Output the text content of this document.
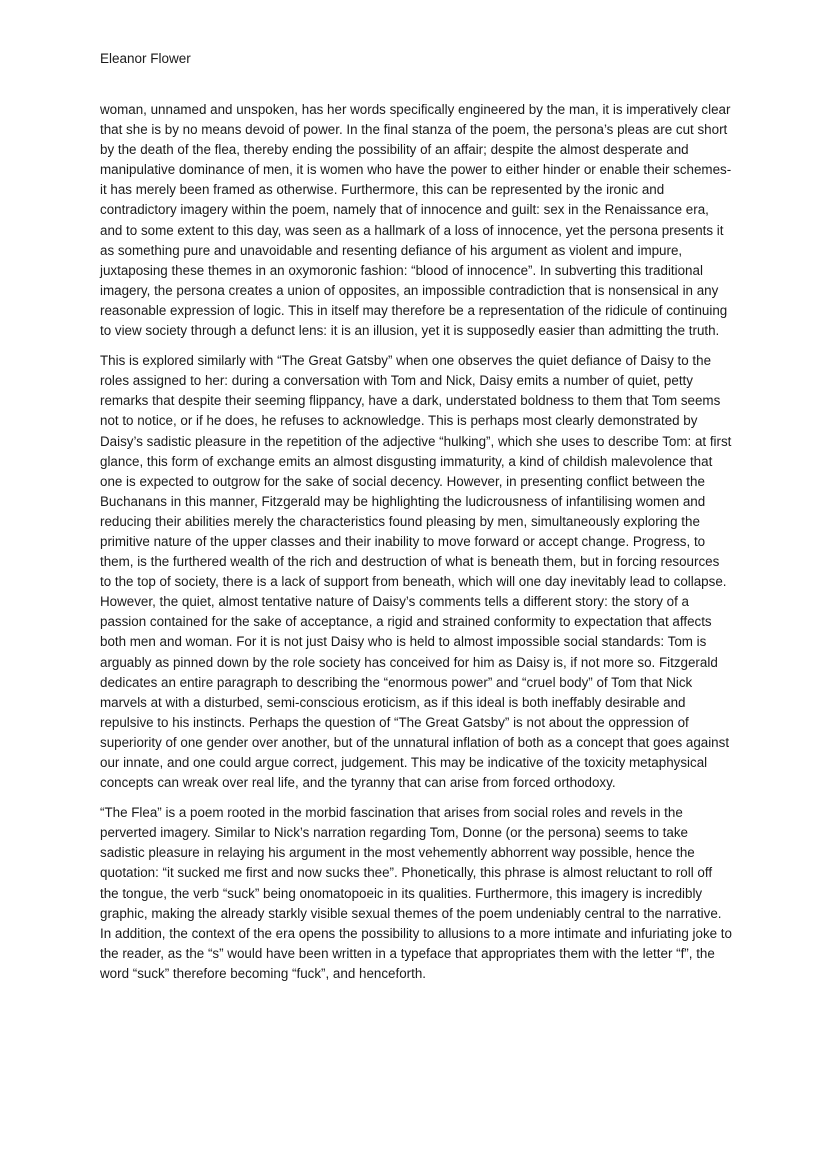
Eleanor Flower

woman, unnamed and unspoken, has her words specifically engineered by the man, it is imperatively clear that she is by no means devoid of power. In the final stanza of the poem, the persona’s pleas are cut short by the death of the flea, thereby ending the possibility of an affair; despite the almost desperate and manipulative dominance of men, it is women who have the power to either hinder or enable their schemes- it has merely been framed as otherwise. Furthermore, this can be represented by the ironic and contradictory imagery within the poem, namely that of innocence and guilt: sex in the Renaissance era, and to some extent to this day, was seen as a hallmark of a loss of innocence, yet the persona presents it as something pure and unavoidable and resenting defiance of his argument as violent and impure, juxtaposing these themes in an oxymoronic fashion: “blood of innocence”. In subverting this traditional imagery, the persona creates a union of opposites, an impossible contradiction that is nonsensical in any reasonable expression of logic. This in itself may therefore be a representation of the ridicule of continuing to view society through a defunct lens: it is an illusion, yet it is supposedly easier than admitting the truth.

This is explored similarly with “The Great Gatsby” when one observes the quiet defiance of Daisy to the roles assigned to her: during a conversation with Tom and Nick, Daisy emits a number of quiet, petty remarks that despite their seeming flippancy, have a dark, understated boldness to them that Tom seems not to notice, or if he does, he refuses to acknowledge. This is perhaps most clearly demonstrated by Daisy’s sadistic pleasure in the repetition of the adjective “hulking”, which she uses to describe Tom: at first glance, this form of exchange emits an almost disgusting immaturity, a kind of childish malevolence that one is expected to outgrow for the sake of social decency. However, in presenting conflict between the Buchanans in this manner, Fitzgerald may be highlighting the ludicrousness of infantilising women and reducing their abilities merely the characteristics found pleasing by men, simultaneously exploring the primitive nature of the upper classes and their inability to move forward or accept change. Progress, to them, is the furthered wealth of the rich and destruction of what is beneath them, but in forcing resources to the top of society, there is a lack of support from beneath, which will one day inevitably lead to collapse. However, the quiet, almost tentative nature of Daisy’s comments tells a different story: the story of a passion contained for the sake of acceptance, a rigid and strained conformity to expectation that affects both men and woman. For it is not just Daisy who is held to almost impossible social standards: Tom is arguably as pinned down by the role society has conceived for him as Daisy is, if not more so. Fitzgerald dedicates an entire paragraph to describing the “enormous power” and “cruel body” of Tom that Nick marvels at with a disturbed, semi-conscious eroticism, as if this ideal is both ineffably desirable and repulsive to his instincts. Perhaps the question of “The Great Gatsby” is not about the oppression of superiority of one gender over another, but of the unnatural inflation of both as a concept that goes against our innate, and one could argue correct, judgement. This may be indicative of the toxicity metaphysical concepts can wreak over real life, and the tyranny that can arise from forced orthodoxy.

“The Flea” is a poem rooted in the morbid fascination that arises from social roles and revels in the perverted imagery. Similar to Nick’s narration regarding Tom, Donne (or the persona) seems to take sadistic pleasure in relaying his argument in the most vehemently abhorrent way possible, hence the quotation: “it sucked me first and now sucks thee”. Phonetically, this phrase is almost reluctant to roll off the tongue, the verb “suck” being onomatopoeic in its qualities. Furthermore, this imagery is incredibly graphic, making the already starkly visible sexual themes of the poem undeniably central to the narrative. In addition, the context of the era opens the possibility to allusions to a more intimate and infuriating joke to the reader, as the “s” would have been written in a typeface that appropriates them with the letter “f”, the word “suck” therefore becoming “fuck”, and henceforth.
